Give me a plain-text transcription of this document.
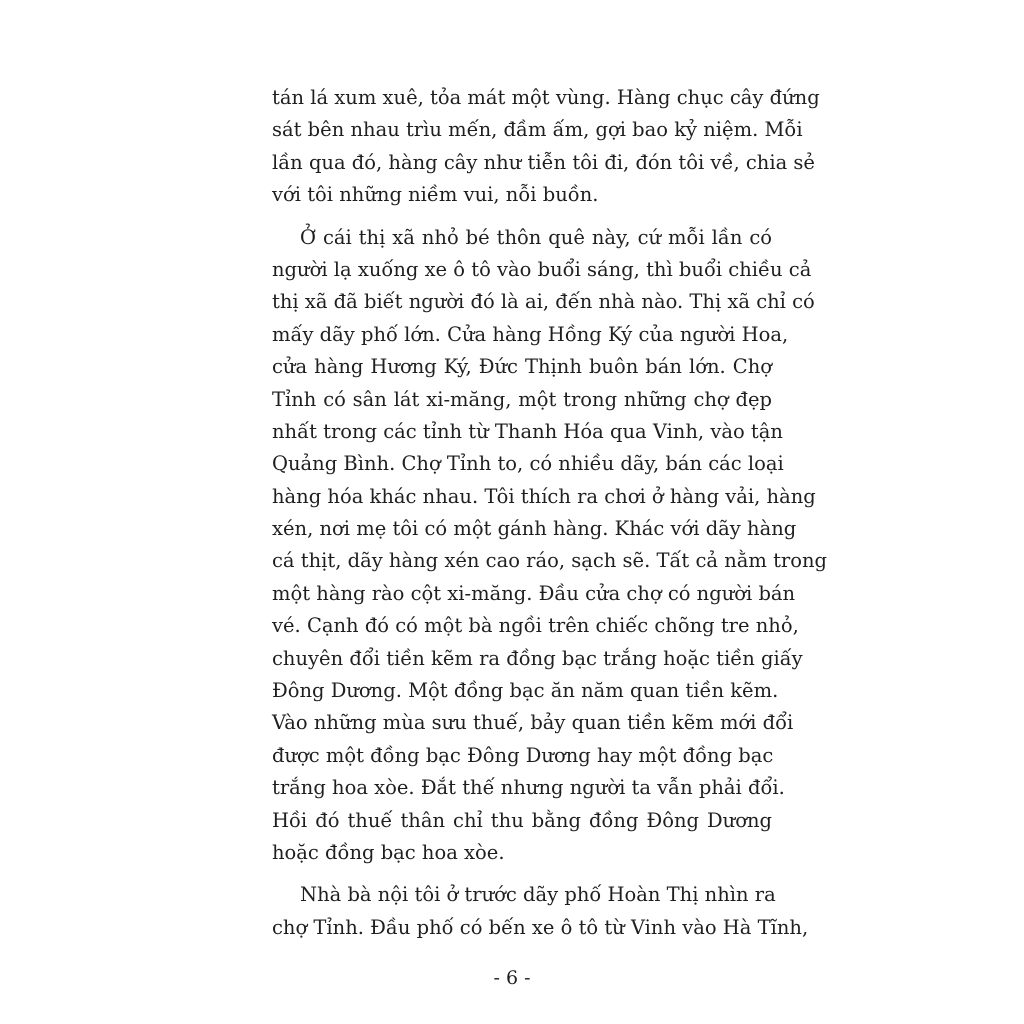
tán lá xum xuê, tỏa mát một vùng. Hàng chục cây đứng
sát bên nhau trìu mến, đầm ấm, gợi bao kỷ niệm. Mỗi
lần qua đó, hàng cây như tiễn tôi đi, đón tôi về, chia sẻ
với tôi những niềm vui, nỗi buồn.
Ở cái thị xã nhỏ bé thôn quê này, cứ mỗi lần có
người lạ xuống xe ô tô vào buổi sáng, thì buổi chiều cả
thị xã đã biết người đó là ai, đến nhà nào. Thị xã chỉ có
mấy dãy phố lớn. Cửa hàng Hồng Ký của người Hoa,
cửa hàng Hương Ký, Đức Thịnh buôn bán lớn. Chợ
Tỉnh có sân lát xi-măng, một trong những chợ đẹp
nhất trong các tỉnh từ Thanh Hóa qua Vinh, vào tận
Quảng Bình. Chợ Tỉnh to, có nhiều dãy, bán các loại
hàng hóa khác nhau. Tôi thích ra chơi ở hàng vải, hàng
xén, nơi mẹ tôi có một gánh hàng. Khác với dãy hàng
cá thịt, dãy hàng xén cao ráo, sạch sẽ. Tất cả nằm trong
một hàng rào cột xi-măng. Đầu cửa chợ có người bán
vé. Cạnh đó có một bà ngồi trên chiếc chõng tre nhỏ,
chuyên đổi tiền kẽm ra đồng bạc trắng hoặc tiền giấy
Đông Dương. Một đồng bạc ăn năm quan tiền kẽm.
Vào những mùa sưu thuế, bảy quan tiền kẽm mới đổi
được một đồng bạc Đông Dương hay một đồng bạc
trắng hoa xòe. Đắt thế nhưng người ta vẫn phải đổi.
Hồi đó thuế thân chỉ thu bằng đồng Đông Dương
hoặc đồng bạc hoa xòe.
Nhà bà nội tôi ở trước dãy phố Hoàn Thị nhìn ra
chợ Tỉnh. Đầu phố có bến xe ô tô từ Vinh vào Hà Tĩnh,
- 6 -
